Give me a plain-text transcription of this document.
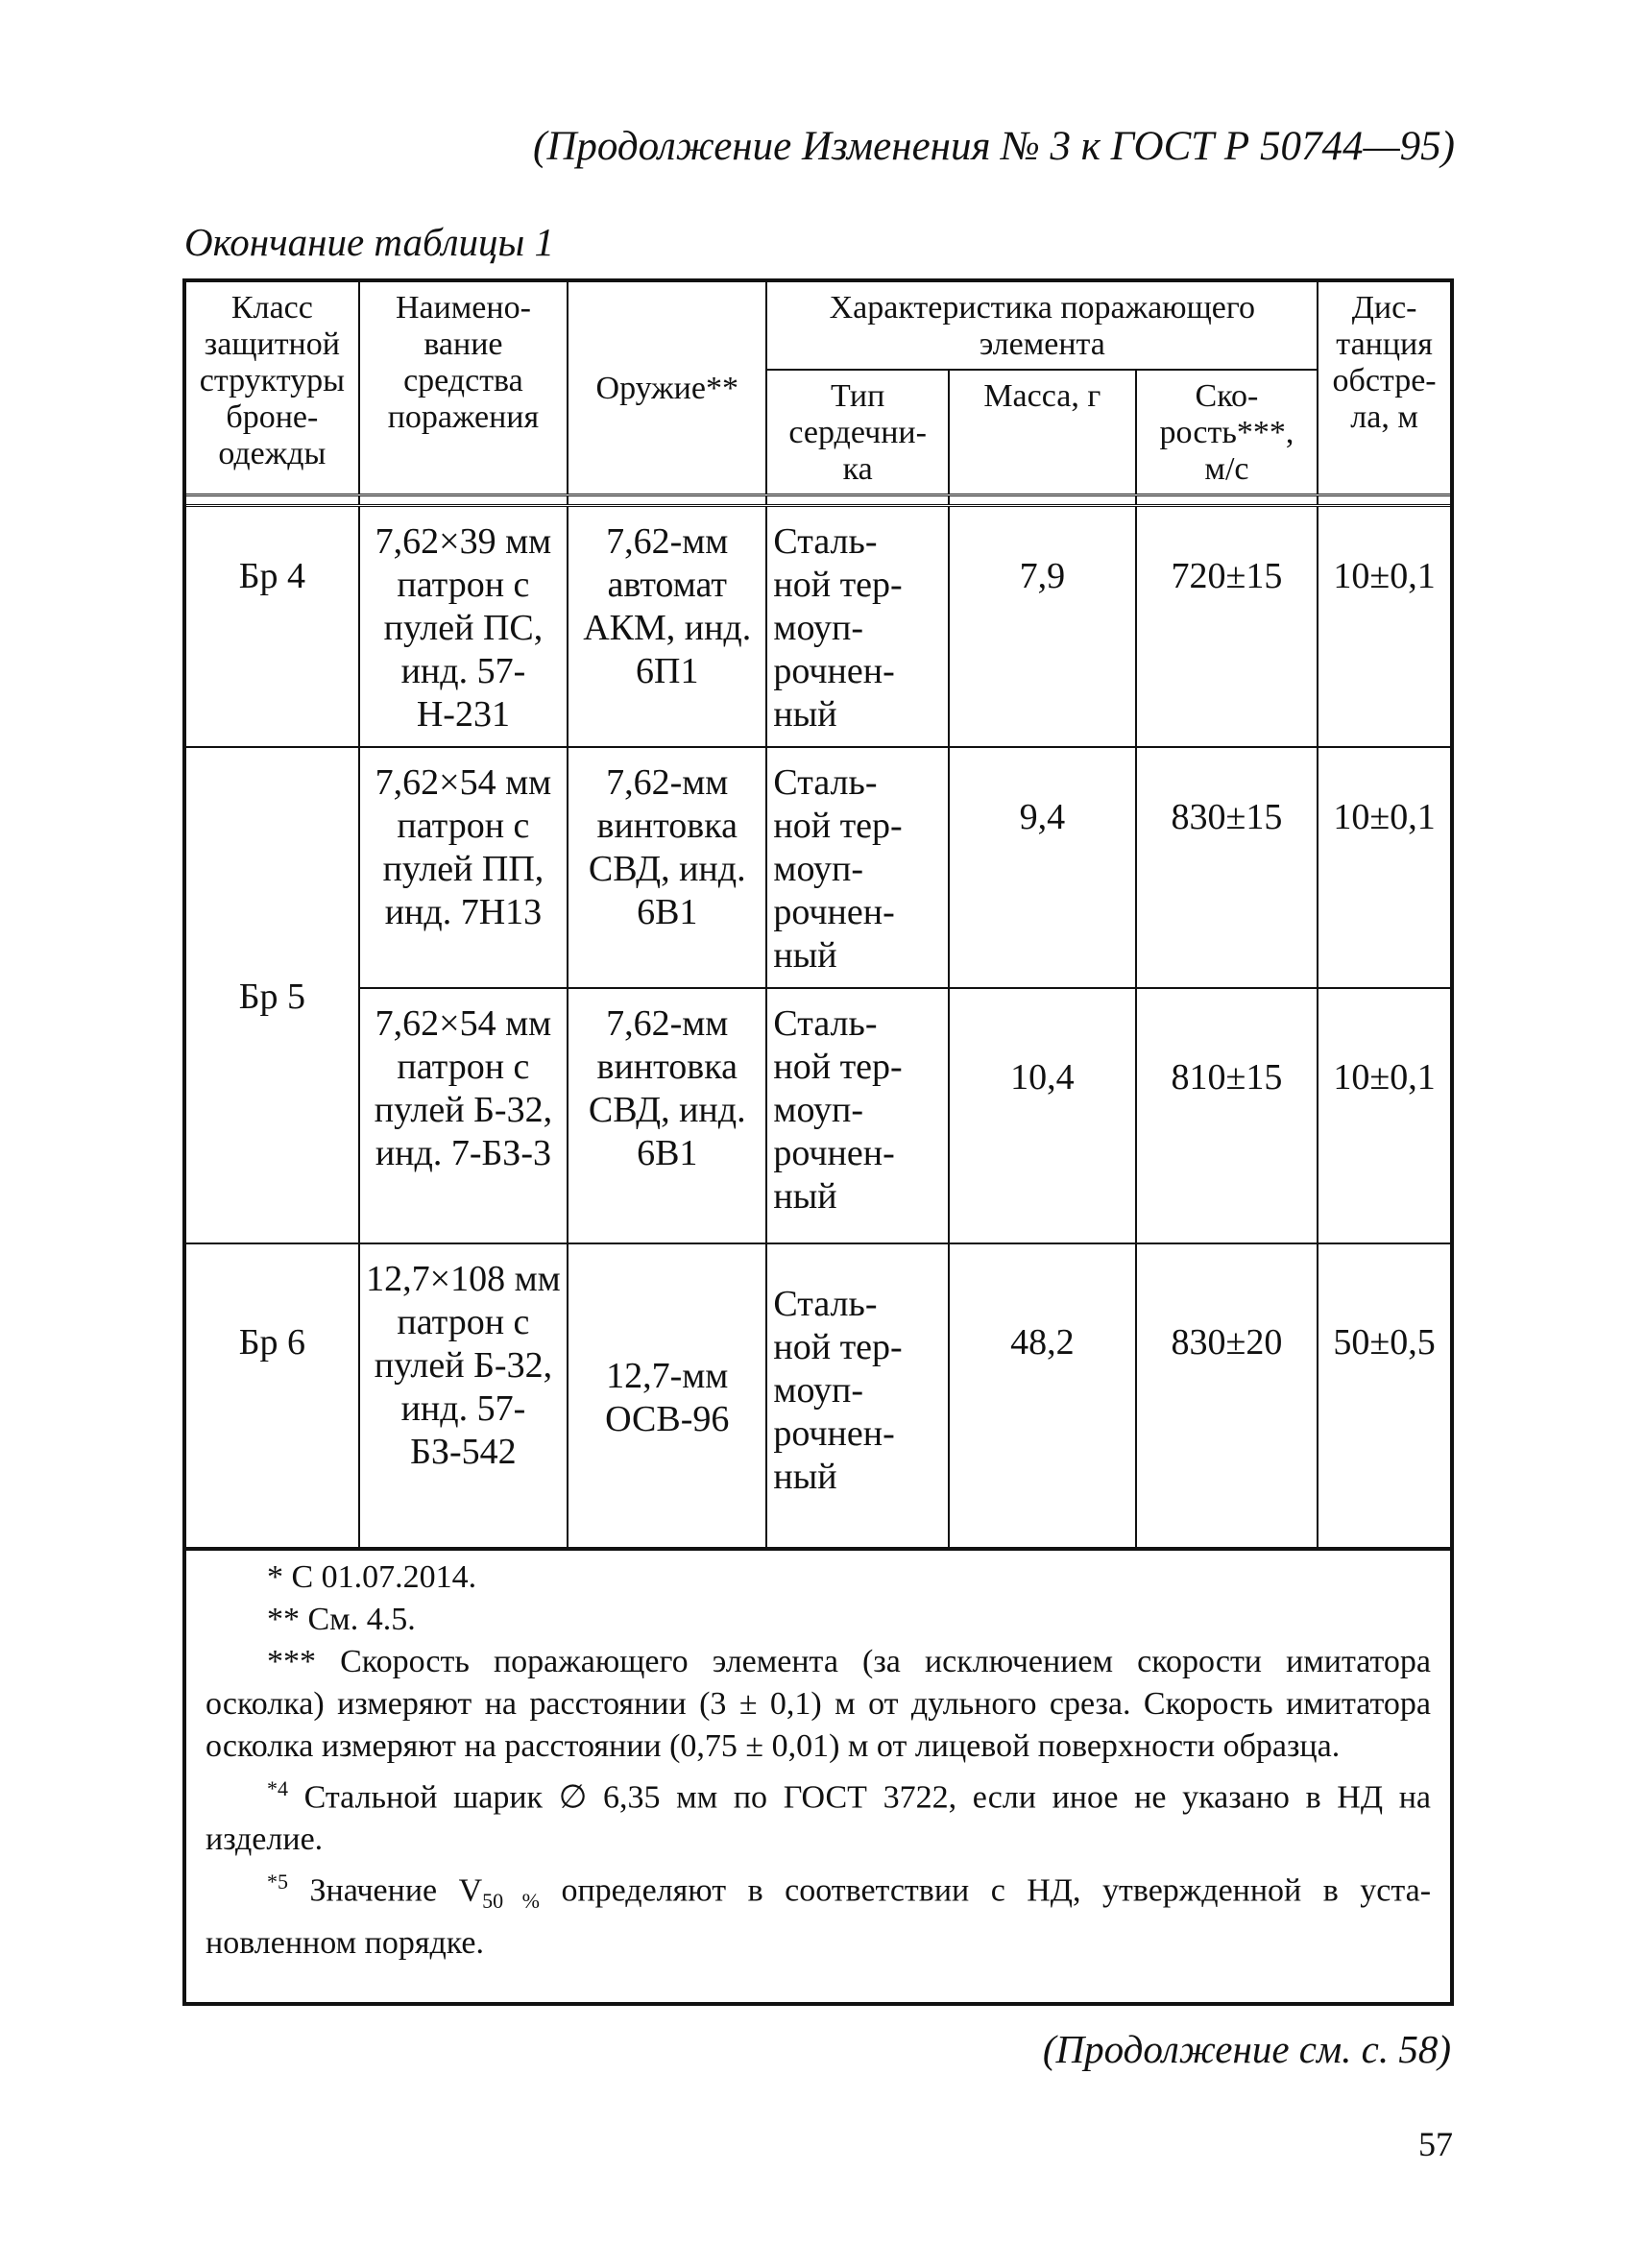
(Продолжение Изменения № 3 к ГОСТ Р 50744—95)
Окончание таблицы 1
Класс защитной структуры броне- одежды	Наимено- вание средства поражения	Оружие**	Характеристика поражающего элемента			Дис- танция обстре- ла, м
			Тип сердечни- ка	Масса, г	Ско- рость***, м/с	

Бр 4	7,62×39 мм патрон с пулей ПС, инд. 57-Н-231	7,62-мм автомат АКМ, инд. 6П1	Сталь- ной тер- моуп- рочнен- ный	7,9	720±15	10±0,1
Бр 5	7,62×54 мм патрон с пулей ПП, инд. 7Н13	7,62-мм винтовка СВД, инд. 6В1	Сталь- ной тер- моуп- рочнен- ный	9,4	830±15	10±0,1
	7,62×54 мм патрон с пулей Б-32, инд. 7-БЗ-3	7,62-мм винтовка СВД, инд. 6В1	Сталь- ной тер- моуп- рочнен- ный	10,4	810±15	10±0,1
Бр 6	12,7×108 мм патрон с пулей Б-32, инд. 57-БЗ-542	12,7-мм ОСВ-96	Сталь- ной тер- моуп- рочнен- ный	48,2	830±20	50±0,5

* С 01.07.2014.

** См. 4.5.

*** Скорость поражающего элемента (за исключением скорости имитатора осколка) измеряют на расстоянии (3 ± 0,1) м от дульного среза. Скорость имитатора осколка измеряют на расстоянии (0,75 ± 0,01) м от лицевой поверхности образца.

$^{*4}$ Стальной шарик ∅ 6,35 мм по ГОСТ 3722, если иное не указано в НД на изделие.

$^{*5}$ Значение $V_{50 \%}$ определяют в соответствии с НД, утвержденной в уста- новленном порядке.

(Продолжение см. с. 58)
57
